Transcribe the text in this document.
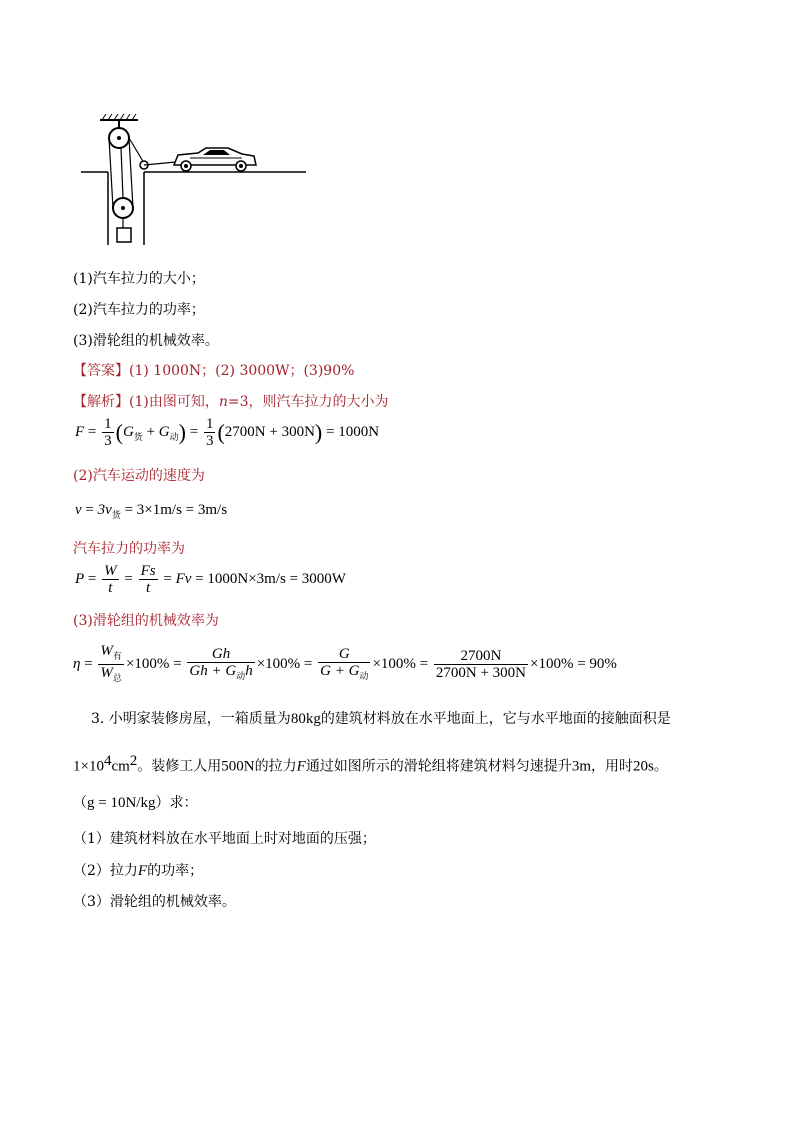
(1)汽车拉力的大小；
(2)汽车拉力的功率；
(3)滑轮组的机械效率。
【答案】(1) 1000N；(2) 3000W；(3)90%
【解析】(1)由图可知，n=3，则汽车拉力的大小为
$F = \frac{1}{3} (G_货 + G_动) = \frac{1}{3} (2700N + 300N) = 1000N$
(2)汽车运动的速度为
$v = 3v_货 = 3\times 1m/s = 3m/s$
汽车拉力的功率为
$P = \frac{W}{t} = \frac{Fs}{t} = Fv = 1000N\times 3m/s = 3000W$
(3)滑轮组的机械效率为
$\eta = \frac{W_有}{W_总} \times 100\% = \frac{Gh}{Gh + G_动h} \times 100\% = \frac{G}{G + G_动} \times 100\% = \frac{2700N}{2700N + 300N} \times 100\% = 90\%$
3. 小明家装修房屋，一箱质量为80kg的建筑材料放在水平地面上，它与水平地面的接触面积是
$1\times 10^4cm^2$。装修工人用500N的拉力F通过如图所示的滑轮组将建筑材料匀速提升3m，用时20s。
（g = 10N/kg）求：
（1）建筑材料放在水平地面上时对地面的压强；
（2）拉力F的功率；
（3）滑轮组的机械效率。
